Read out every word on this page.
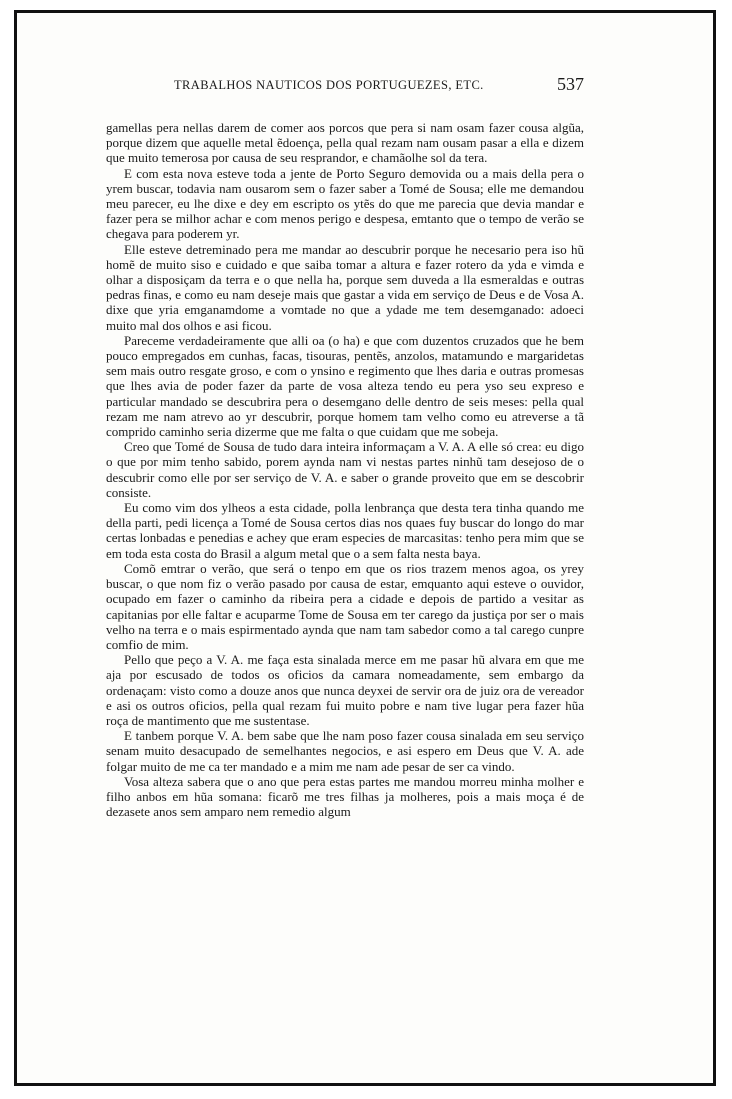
TRABALHOS NAUTICOS DOS PORTUGUEZES, ETC.	537

gamellas pera nellas darem de comer aos porcos que pera si nam osam fazer cousa algũa, porque dizem que aquelle metal ẽdoença, pella qual rezam nam ousam pasar a ella e dizem que muito temerosa por causa de seu resprandor, e chamãolhe sol da tera.

E com esta nova esteve toda a jente de Porto Seguro demovida ou a mais della pera o yrem buscar, todavia nam ousarom sem o fazer saber a Tomé de Sousa; elle me demandou meu parecer, eu lhe dixe e dey em escripto os ytẽs do que me parecia que devia mandar e fazer pera se milhor achar e com menos perigo e despesa, emtanto que o tempo de verão se chegava para poderem yr.

Elle esteve detreminado pera me mandar ao descubrir porque he necesario pera iso hũ homẽ de muito siso e cuidado e que saiba tomar a altura e fazer rotero da yda e vimda e olhar a disposiçam da terra e o que nella ha, porque sem duveda a lla esmeraldas e outras pedras finas, e como eu nam deseje mais que gastar a vida em serviço de Deus e de Vosa A. dixe que yria emganamdome a vomtade no que a ydade me tem desemganado: adoeci muito mal dos olhos e asi ficou.

Pareceme verdadeiramente que alli oa (o ha) e que com duzentos cruzados que he bem pouco empregados em cunhas, facas, tisouras, pentẽs, anzolos, matamundo e margaridetas sem mais outro resgate groso, e com o ynsino e regimento que lhes daria e outras promesas que lhes avia de poder fazer da parte de vosa alteza tendo eu pera yso seu expreso e particular mandado se descubrira pera o desemgano delle dentro de seis meses: pella qual rezam me nam atrevo ao yr descubrir, porque homem tam velho como eu atreverse a tã comprido caminho seria dizerme que me falta o que cuidam que me sobeja.

Creo que Tomé de Sousa de tudo dara inteira informaçam a V. A. A elle só crea: eu digo o que por mim tenho sabido, porem aynda nam vi nestas partes ninhũ tam desejoso de o descubrir como elle por ser serviço de V. A. e saber o grande proveito que em se descobrir consiste.

Eu como vim dos ylheos a esta cidade, polla lenbrança que desta tera tinha quando me della parti, pedi licença a Tomé de Sousa certos dias nos quaes fuy buscar do longo do mar certas lonbadas e penedias e achey que eram especies de marcasitas: tenho pera mim que se em toda esta costa do Brasil a algum metal que o a sem falta nesta baya.

Comõ emtrar o verão, que será o tenpo em que os rios trazem menos agoa, os yrey buscar, o que nom fiz o verão pasado por causa de estar, emquanto aqui esteve o ouvidor, ocupado em fazer o caminho da ribeira pera a cidade e depois de partido a vesitar as capitanias por elle faltar e acuparme Tome de Sousa em ter carego da justiça por ser o mais velho na terra e o mais espirmentado aynda que nam tam sabedor como a tal carego cunpre comfio de mim.

Pello que peço a V. A. me faça esta sinalada merce em me pasar hũ alvara em que me aja por escusado de todos os oficios da camara nomeadamente, sem embargo da ordenaçam: visto como a douze anos que nunca deyxei de servir ora de juiz ora de vereador e asi os outros oficios, pella qual rezam fui muito pobre e nam tive lugar pera fazer hũa roça de mantimento que me sustentase.

E tanbem porque V. A. bem sabe que lhe nam poso fazer cousa sinalada em seu serviço senam muito desacupado de semelhantes negocios, e asi espero em Deus que V. A. ade folgar muito de me ca ter mandado e a mim me nam ade pesar de ser ca vindo.

Vosa alteza sabera que o ano que pera estas partes me mandou morreu minha molher e filho anbos em hũa somana: ficarõ me tres filhas ja molheres, pois a mais moça é de dezasete anos sem amparo nem remedio algum
